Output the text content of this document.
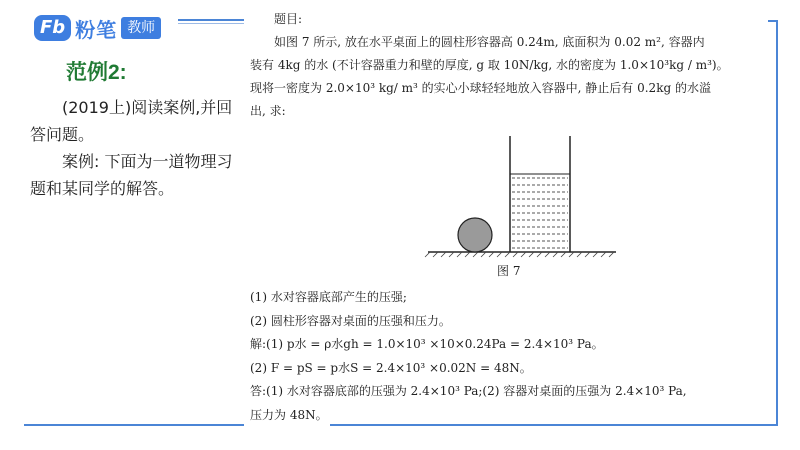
Fb 粉笔 教师
范例2:

(2019上)阅读案例,并回答问题。

案例: 下面为一道物理习题和某同学的解答。

题目:
如图 7 所示, 放在水平桌面上的圆柱形容器高 0.24m, 底面积为 0.02 m², 容器内
装有 4kg 的水 (不计容器重力和壁的厚度, g 取 10N/kg, 水的密度为 1.0×10³kg / m³)。
现将一密度为 2.0×10³ kg/ m³ 的实心小球轻轻地放入容器中, 静止后有 0.2kg 的水溢
出, 求:
图 7
(1) 水对容器底部产生的压强;
(2) 圆柱形容器对桌面的压强和压力。
解:(1) p水 = ρ水gh = 1.0×10³ ×10×0.24Pa = 2.4×10³ Pa。
(2) F = pS = p水S = 2.4×10³ ×0.02N = 48N。
答:(1) 水对容器底部的压强为 2.4×10³ Pa;(2) 容器对桌面的压强为 2.4×10³ Pa,
压力为 48N。
